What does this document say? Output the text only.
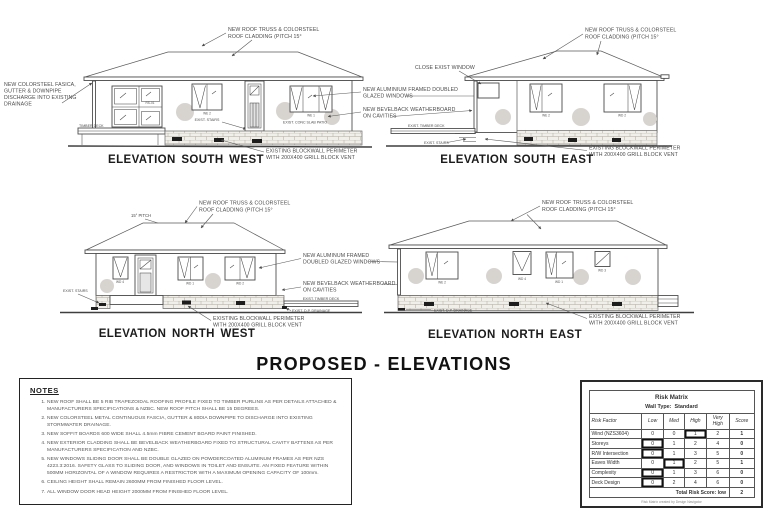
RS-01
WE 2
EXIST. STAIRS
WE 1
EXIST. CONC SLAB PATIO
TIMBER DECK
NEW ROOF TRUSS & COLORSTEEL
ROOF CLADDING (PITCH 15°
NEW COLORSTEEL FASICA,
GUTTER & DOWNPIPE
DISCHARGE INTO EXISTING
DRAINAGE
EXISTING BLOCKWALL PERIMETER
WITH 200X400 GRILL BLOCK VENT
ELEVATION SOUTH WEST
NEW ALUMINIUM FRAMED DOUBLED
GLAZED WINDOWS
NEW BEVELBACK WEATHERBOARD
ON CAVITIES	WE 2	WD 2
EXIST. TIMBER DECK
EXIST. STAIRS
NEW ROOF TRUSS & COLORSTEEL
ROOF CLADDING (PITCH 15°
CLOSE EXIST WINDOW
EXISTING BLOCKWALL PERIMETER
WITH 200X400 GRILL BLOCK VENT
ELEVATION SOUTH EAST
15° PITCH
NEW ROOF TRUSS & COLORSTEEL
ROOF CLADDING (PITCH 15°
WD 4	WD 1	WD 2
EXIST. TIMBER DECK
EXIST. D.P. DRAINAGE
EXIST. STAIRS
EXISTING BLOCKWALL PERIMETER
WITH 200X400 GRILL BLOCK VENT
ELEVATION NORTH WEST
NEW ALUMINUM FRAMED
DOUBLED GLAZED WINDOWS
NEW BEVELBACK WEATHERBOARD
ON CAVITIES
NEW ROOF TRUSS & COLORSTEEL
ROOF CLADDING (PITCH 15°
WE 2
WD 4
WD 1
WD 3
EXIST. D.P. DRAINAGE
EXISTING BLOCKWALL PERIMETER
WITH 200X400 GRILL BLOCK VENT
ELEVATION NORTH EAST
PROPOSED - ELEVATIONS
NOTES
1. NEW ROOF SHALL BE 5 RIB TRAPEZOIDAL ROOFING PROFILE FIXED TO TIMBER PURLINS AS PER DETAILS ATTACHED & MANUFACTURERS SPECIFICATIONS & NZBC. NEW ROOF PITCH SHALL BE 15 DEGREES.
2. NEW COLORSTEEL METAL CONTINUOUS FASCIA, GUTTER & 80DIA DOWNPIPE TO DISCHARGE INTO EXISTING STORMWATER DRAINAGE.
3. NEW SOFFIT BOARDS 600 WIDE SHALL 4.5mm FIBRE CEMENT BOARD PAINT FINISHED.
4. NEW EXTERIOR CLADDING SHALL BE BEVELBACK WEATHERBOARD FIXED TO STRUCTURAL CAVITY BATTENS AS PER MANUFACTURERS SPECIFICATION AND NZBC.
5. NEW WINDOWS SLIDING DOOR SHALL BE DOUBLE GLAZED ON POWDERCOATED ALUMINUM FRAMES AS PER NZS 4223.3:2016. SAFETY GLASS TO SLIDING DOOR, AND WINDOWS IN TOILET AND ENSUITE. AN FIXED FEATURE WITHIN 500MM HORIZONTAL OF A WINDOW REQUIRES A RESTRICTOR WITH A MAXIMUM OPENING CAPACITY OF 100mm.
6. CEILING HEIGHT SHALL REMAIN 2600MM FROM FINISHED FLOOR LEVEL.
7. ALL WINDOW DOOR HEAD HEIGHT 2000MM FROM FINISHED FLOOR LEVEL.
Risk Matrix					
Wall Type: Standard					
Risk Factor	Low	Med	High	Very High	Score
Wind (NZS3604)	0	0	1	2	1
Storeys	0	1	2	4	0
R/W Intersection	0	1	3	5	0
Eaves Width	0	1	2	5	1
Complexity	0	1	3	6	0
Deck Design	0	2	4	6	0
Total Risk Score: low					2
Risk Matrix created by Design Navigator
